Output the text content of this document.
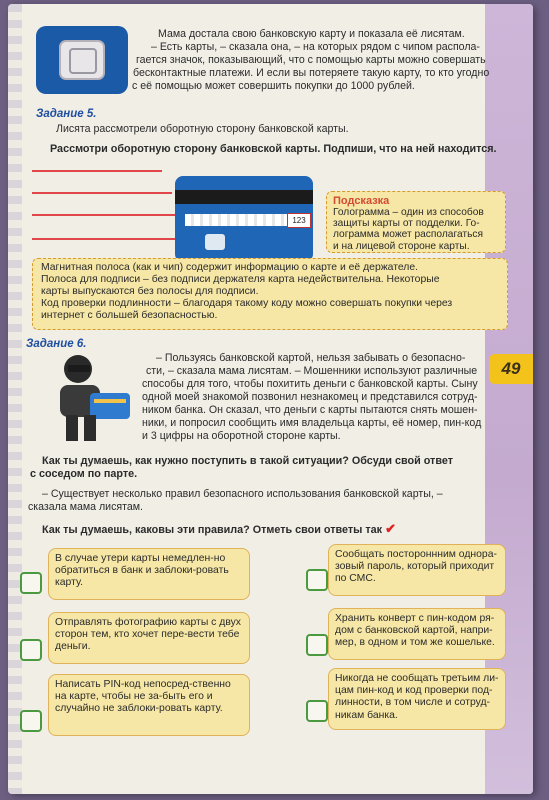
49
Мама достала свою банковскую карту и показала её лисятам.
– Есть карты, – сказала она, – на которых рядом с чипом распола-
гается значок, показывающий, что с помощью карты можно совершать
бесконтактные платежи. И если вы потеряете такую карту, то кто угодно
с её помощью может совершить покупки до 1000 рублей.
Задание 5.
Лисята рассмотрели оборотную сторону банковской карты.
Рассмотри оборотную сторону банковской карты. Подпиши, что на ней находится.
123
Подсказка
Голограмма – один из способов
защиты карты от подделки. Го-
лограмма может располагаться
и на лицевой стороне карты.
Магнитная полоса (как и чип) содержит информацию о карте и её держателе.
Полоса для подписи – без подписи держателя карта недействительна. Некоторые
карты выпускаются без полосы для подписи.
Код проверки подлинности – благодаря такому коду можно совершать покупки через
интернет с большей безопасностью.
Задание 6.
– Пользуясь банковской картой, нельзя забывать о безопасно-
сти, – сказала мама лисятам. – Мошенники используют различные
способы для того, чтобы похитить деньги с банковской карты. Сыну
одной моей знакомой позвонил незнакомец и представился сотруд-
ником банка. Он сказал, что деньги с карты пытаются снять мошен-
ники, и попросил сообщить имя владельца карты, её номер, пин-код
и 3 цифры на оборотной стороне карты.
Как ты думаешь, как нужно поступить в такой ситуации? Обсуди свой ответ
с соседом по парте.
– Существует несколько правил безопасного использования банковской карты, –
сказала мама лисятам.
Как ты думаешь, каковы эти правила? Отметь свои ответы так ✔
В случае утери карты немедлен-но обратиться в банк и заблоки-ровать карту.
Сообщать постороннним однора-зовый пароль, который приходит по СМС.
Отправлять фотографию карты с двух сторон тем, кто хочет пере-вести тебе деньги.
Хранить конверт с пин-кодом ря-дом с банковской картой, напри-мер, в одном и том же кошельке.
Написать PIN-код непосред-ственно на карте, чтобы не за-быть его и случайно не заблоки-ровать карту.
Никогда не сообщать третьим ли-цам пин-код и код проверки под-линности, в том числе и сотруд-никам банка.
